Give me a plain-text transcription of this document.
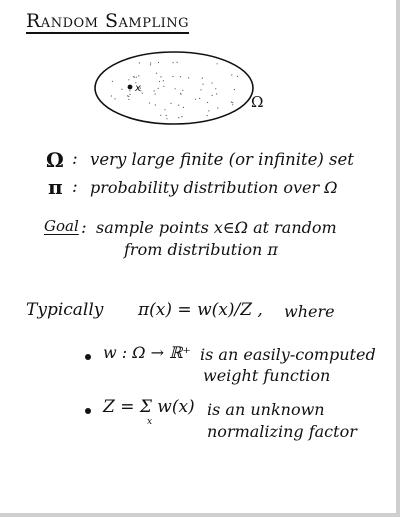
Random Sampling
x
Ω
Ω : very large finite (or infinite) set
π : probability distribution over Ω
Goal : sample points x∈Ω at random
from distribution π
Typically π(x) = w(x)/Z , where
w : Ω → ℝ⁺ is an easily-computed
weight function
Z = Σ w(x)
x
is an unknown
normalizing factor
